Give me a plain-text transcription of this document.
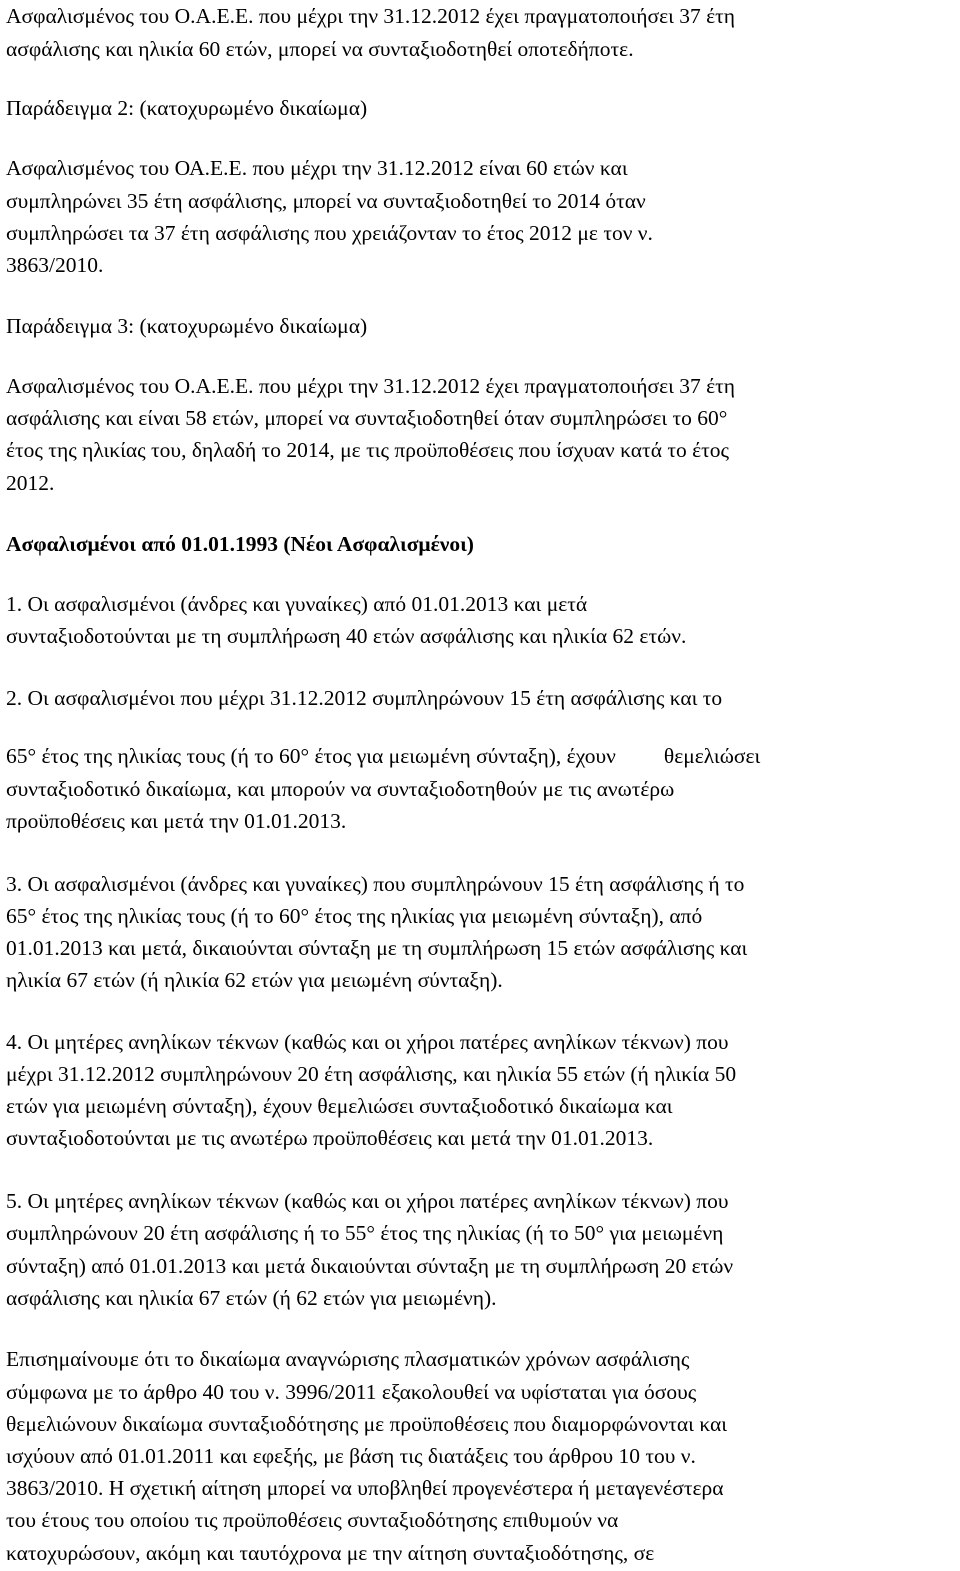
Ασφαλισμένος του Ο.Α.Ε.Ε. που μέχρι την 31.12.2012 έχει πραγματοποιήσει 37 έτη
ασφάλισης και ηλικία 60 ετών, μπορεί να συνταξιοδοτηθεί οποτεδήποτε.
Παράδειγμα 2: (κατοχυρωμένο δικαίωμα)
Ασφαλισμένος του ΟΑ.Ε.Ε. που μέχρι την 31.12.2012 είναι 60 ετών και
συμπληρώνει 35 έτη ασφάλισης, μπορεί να συνταξιοδοτηθεί το 2014 όταν
συμπληρώσει τα 37 έτη ασφάλισης που χρειάζονταν το έτος 2012 με τον ν.
3863/2010.
Παράδειγμα 3: (κατοχυρωμένο δικαίωμα)
Ασφαλισμένος του Ο.Α.Ε.Ε. που μέχρι την 31.12.2012 έχει πραγματοποιήσει 37 έτη
ασφάλισης και είναι 58 ετών, μπορεί να συνταξιοδοτηθεί όταν συμπληρώσει το 60°
έτος της ηλικίας του, δηλαδή το 2014, με τις προϋποθέσεις που ίσχυαν κατά το έτος
2012.
Ασφαλισμένοι από 01.01.1993 (Νέοι Ασφαλισμένοι)
1. Οι ασφαλισμένοι (άνδρες και γυναίκες) από 01.01.2013 και μετά
συνταξιοδοτούνται με τη συμπλήρωση 40 ετών ασφάλισης και ηλικία 62 ετών.
2. Οι ασφαλισμένοι που μέχρι 31.12.2012 συμπληρώνουν 15 έτη ασφάλισης και το
65° έτος της ηλικίας τους (ή το 60° έτος για μειωμένη σύνταξη), έχουν θεμελιώσει
συνταξιοδοτικό δικαίωμα, και μπορούν να συνταξιοδοτηθούν με τις ανωτέρω
προϋποθέσεις και μετά την 01.01.2013.
3. Οι ασφαλισμένοι (άνδρες και γυναίκες) που συμπληρώνουν 15 έτη ασφάλισης ή το
65° έτος της ηλικίας τους (ή το 60° έτος της ηλικίας για μειωμένη σύνταξη), από
01.01.2013 και μετά, δικαιούνται σύνταξη με τη συμπλήρωση 15 ετών ασφάλισης και
ηλικία 67 ετών (ή ηλικία 62 ετών για μειωμένη σύνταξη).
4. Οι μητέρες ανηλίκων τέκνων (καθώς και οι χήροι πατέρες ανηλίκων τέκνων) που
μέχρι 31.12.2012 συμπληρώνουν 20 έτη ασφάλισης, και ηλικία 55 ετών (ή ηλικία 50
ετών για μειωμένη σύνταξη), έχουν θεμελιώσει συνταξιοδοτικό δικαίωμα και
συνταξιοδοτούνται με τις ανωτέρω προϋποθέσεις και μετά την 01.01.2013.
5. Οι μητέρες ανηλίκων τέκνων (καθώς και οι χήροι πατέρες ανηλίκων τέκνων) που
συμπληρώνουν 20 έτη ασφάλισης ή το 55° έτος της ηλικίας (ή το 50° για μειωμένη
σύνταξη) από 01.01.2013 και μετά δικαιούνται σύνταξη με τη συμπλήρωση 20 ετών
ασφάλισης και ηλικία 67 ετών (ή 62 ετών για μειωμένη).
Επισημαίνουμε ότι το δικαίωμα αναγνώρισης πλασματικών χρόνων ασφάλισης
σύμφωνα με το άρθρο 40 του ν. 3996/2011 εξακολουθεί να υφίσταται για όσους
θεμελιώνουν δικαίωμα συνταξιοδότησης με προϋποθέσεις που διαμορφώνονται και
ισχύουν από 01.01.2011 και εφεξής, με βάση τις διατάξεις του άρθρου 10 του ν.
3863/2010. Η σχετική αίτηση μπορεί να υποβληθεί προγενέστερα ή μεταγενέστερα
του έτους του οποίου τις προϋποθέσεις συνταξιοδότησης επιθυμούν να
κατοχυρώσουν, ακόμη και ταυτόχρονα με την αίτηση συνταξιοδότησης, σε
